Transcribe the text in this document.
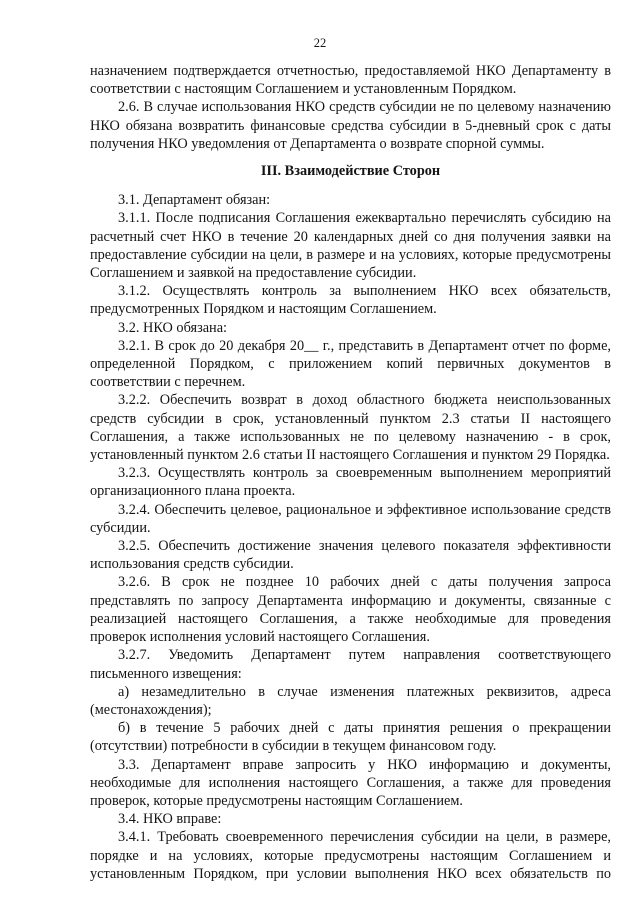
22

назначением подтверждается отчетностью, предоставляемой НКО Департаменту в соответствии с настоящим Соглашением и установленным Порядком.

2.6. В случае использования НКО средств субсидии не по целевому назначению НКО обязана возвратить финансовые средства субсидии в 5-дневный срок с даты получения НКО уведомления от Департамента о возврате спорной суммы.

III. Взаимодействие Сторон

3.1. Департамент обязан:

3.1.1. После подписания Соглашения ежеквартально перечислять субсидию на расчетный счет НКО в течение 20 календарных дней со дня получения заявки на предоставление субсидии на цели, в размере и на условиях, которые предусмотрены Соглашением и заявкой на предоставление субсидии.

3.1.2. Осуществлять контроль за выполнением НКО всех обязательств, предусмотренных Порядком и настоящим Соглашением.

3.2. НКО обязана:

3.2.1. В срок до 20 декабря 20__ г., представить в Департамент отчет по форме, определенной Порядком, с приложением копий первичных документов в соответствии с перечнем.

3.2.2. Обеспечить возврат в доход областного бюджета неиспользованных средств субсидии в срок, установленный пунктом 2.3 статьи II настоящего Соглашения, а также использованных не по целевому назначению - в срок, установленный пунктом 2.6 статьи II настоящего Соглашения и пунктом 29 Порядка.

3.2.3. Осуществлять контроль за своевременным выполнением мероприятий организационного плана проекта.

3.2.4. Обеспечить целевое, рациональное и эффективное использование средств субсидии.

3.2.5. Обеспечить достижение значения целевого показателя эффективности использования средств субсидии.

3.2.6. В срок не позднее 10 рабочих дней с даты получения запроса представлять по запросу Департамента информацию и документы, связанные с реализацией настоящего Соглашения, а также необходимые для проведения проверок исполнения условий настоящего Соглашения.

3.2.7. Уведомить Департамент путем направления соответствующего письменного извещения:

а) незамедлительно в случае изменения платежных реквизитов, адреса (местонахождения);

б) в течение 5 рабочих дней с даты принятия решения о прекращении (отсутствии) потребности в субсидии в текущем финансовом году.

3.3. Департамент вправе запросить у НКО информацию и документы, необходимые для исполнения настоящего Соглашения, а также для проведения проверок, которые предусмотрены настоящим Соглашением.

3.4. НКО вправе:

3.4.1. Требовать своевременного перечисления субсидии на цели, в размере, порядке и на условиях, которые предусмотрены настоящим Соглашением и установленным Порядком, при условии выполнения НКО всех обязательств по
